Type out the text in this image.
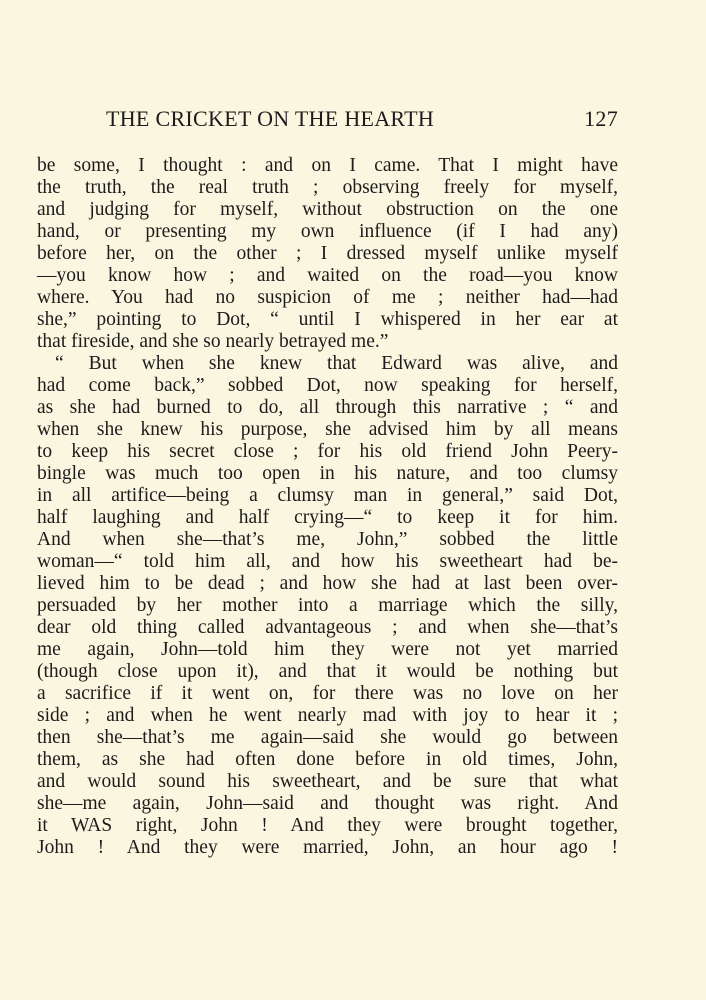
THE CRICKET ON THE HEARTH	127
be some, I thought : and on I came. That I might have
the truth, the real truth ; observing freely for myself,
and judging for myself, without obstruction on the one
hand, or presenting my own influence (if I had any)
before her, on the other ; I dressed myself unlike myself
—you know how ; and waited on the road—you know
where. You had no suspicion of me ; neither had—had
she,” pointing to Dot, “ until I whispered in her ear at
that fireside, and she so nearly betrayed me.”
“ But when she knew that Edward was alive, and
had come back,” sobbed Dot, now speaking for herself,
as she had burned to do, all through this narrative ; “ and
when she knew his purpose, she advised him by all means
to keep his secret close ; for his old friend John Peery-
bingle was much too open in his nature, and too clumsy
in all artifice—being a clumsy man in general,” said Dot,
half laughing and half crying—“ to keep it for him.
And when she—that’s me, John,” sobbed the little
woman—“ told him all, and how his sweetheart had be-
lieved him to be dead ; and how she had at last been over-
persuaded by her mother into a marriage which the silly,
dear old thing called advantageous ; and when she—that’s
me again, John—told him they were not yet married
(though close upon it), and that it would be nothing but
a sacrifice if it went on, for there was no love on her
side ; and when he went nearly mad with joy to hear it ;
then she—that’s me again—said she would go between
them, as she had often done before in old times, John,
and would sound his sweetheart, and be sure that what
she—me again, John—said and thought was right. And
it WAS right, John ! And they were brought together,
John ! And they were married, John, an hour ago !
